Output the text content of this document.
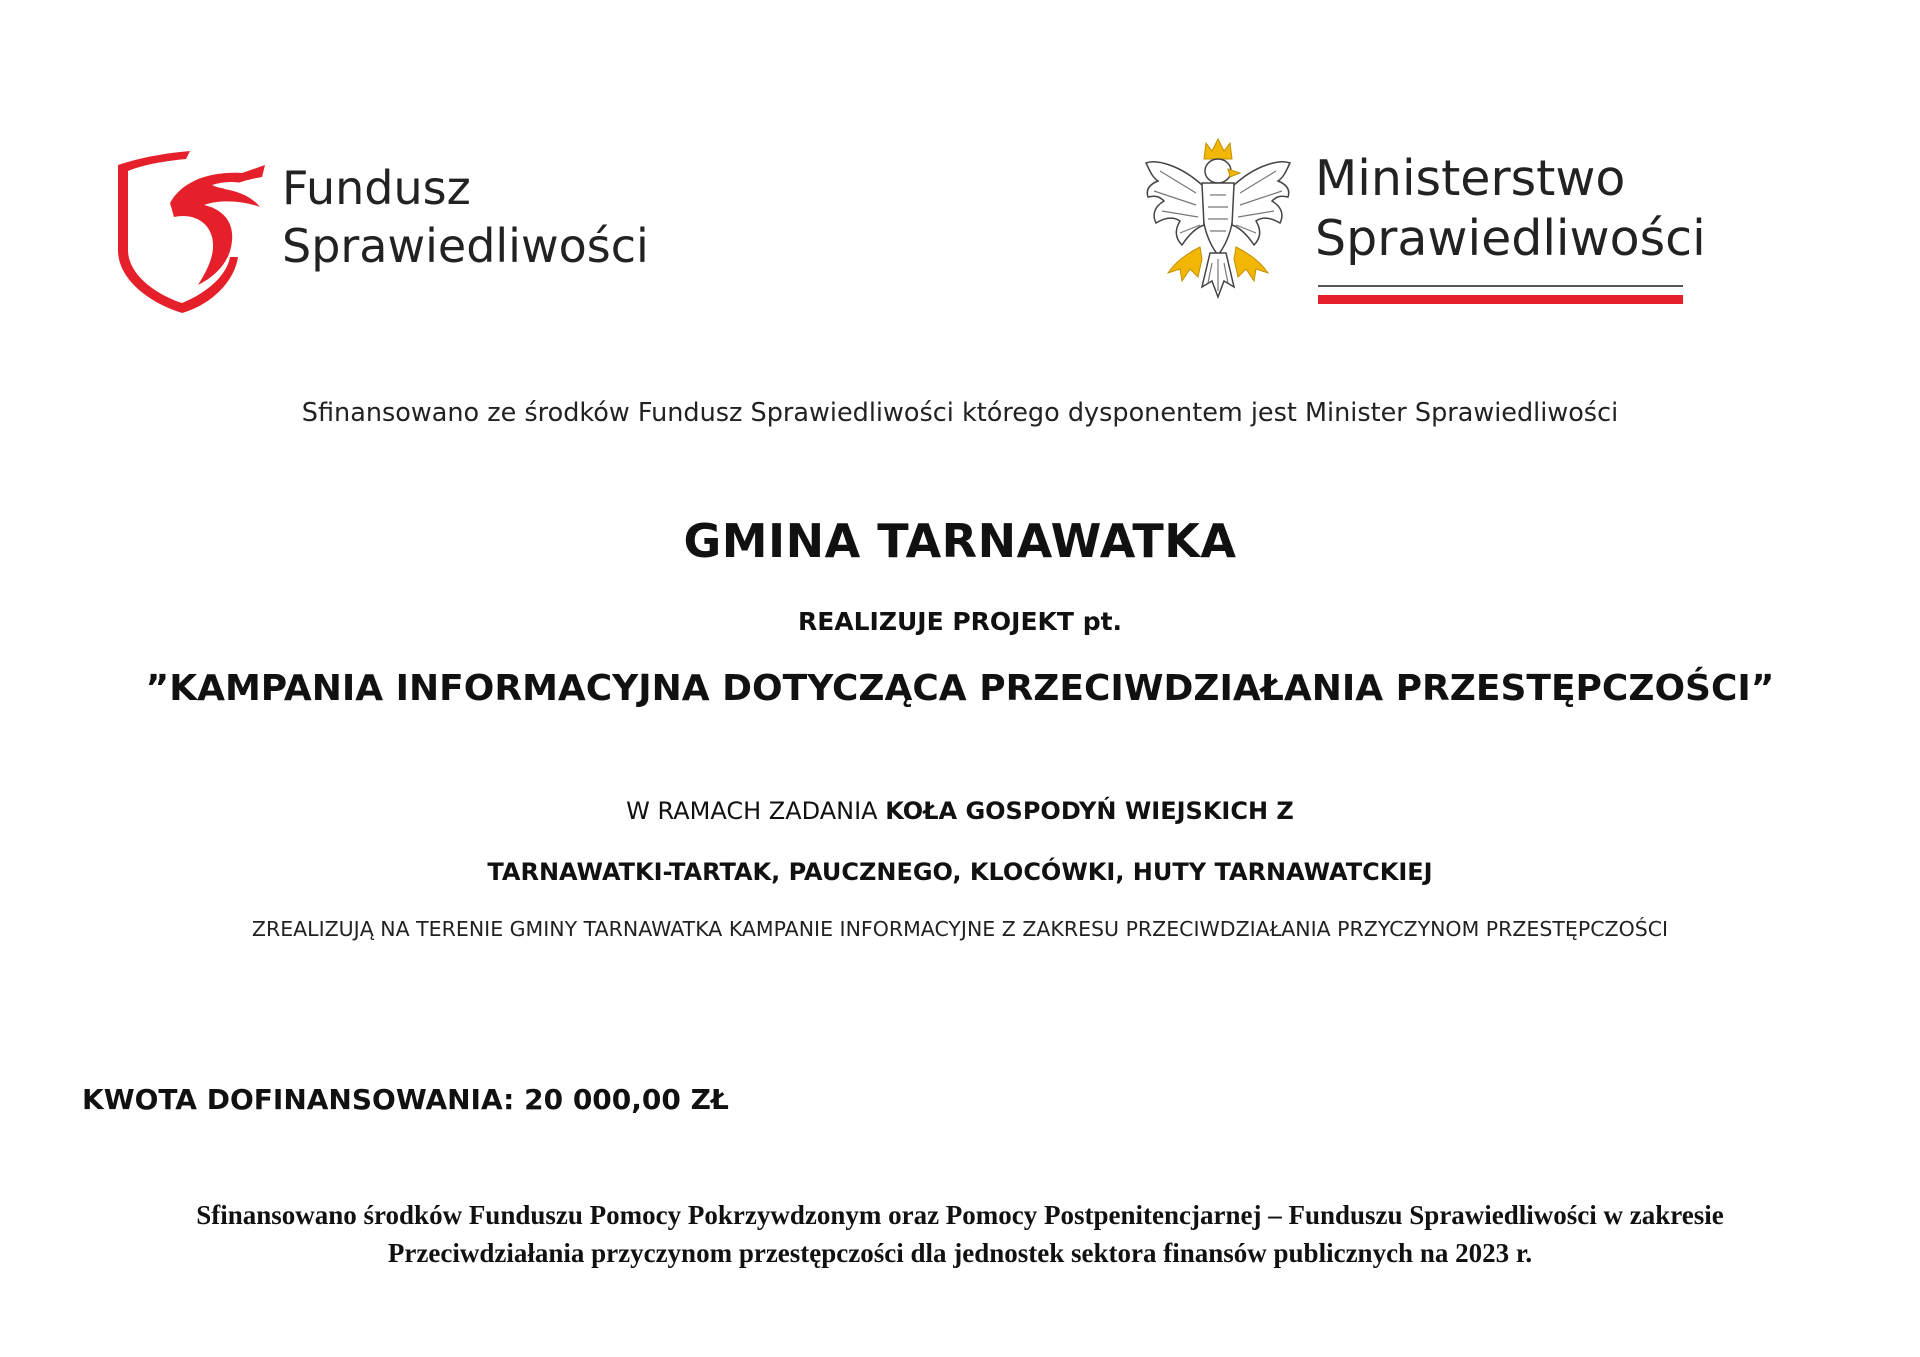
Fundusz
Sprawiedliwości
Ministerstwo
Sprawiedliwości
Sfinansowano ze środków Fundusz Sprawiedliwości którego dysponentem jest Minister Sprawiedliwości
GMINA TARNAWATKA
REALIZUJE PROJEKT pt.
”KAMPANIA INFORMACYJNA DOTYCZĄCA PRZECIWDZIAŁANIA PRZESTĘPCZOŚCI”
W RAMACH ZADANIA KOŁA GOSPODYŃ WIEJSKICH Z
TARNAWATKI-TARTAK, PAUCZNEGO, KLOCÓWKI, HUTY TARNAWATCKIEJ
ZREALIZUJĄ NA TERENIE GMINY TARNAWATKA KAMPANIE INFORMACYJNE Z ZAKRESU PRZECIWDZIAŁANIA PRZYCZYNOM PRZESTĘPCZOŚCI
KWOTA DOFINANSOWANIA: 20 000,00 ZŁ
Sfinansowano środków Funduszu Pomocy Pokrzywdzonym oraz Pomocy Postpenitencjarnej – Funduszu Sprawiedliwości w zakresie
Przeciwdziałania przyczynom przestępczości dla jednostek sektora finansów publicznych na 2023 r.
